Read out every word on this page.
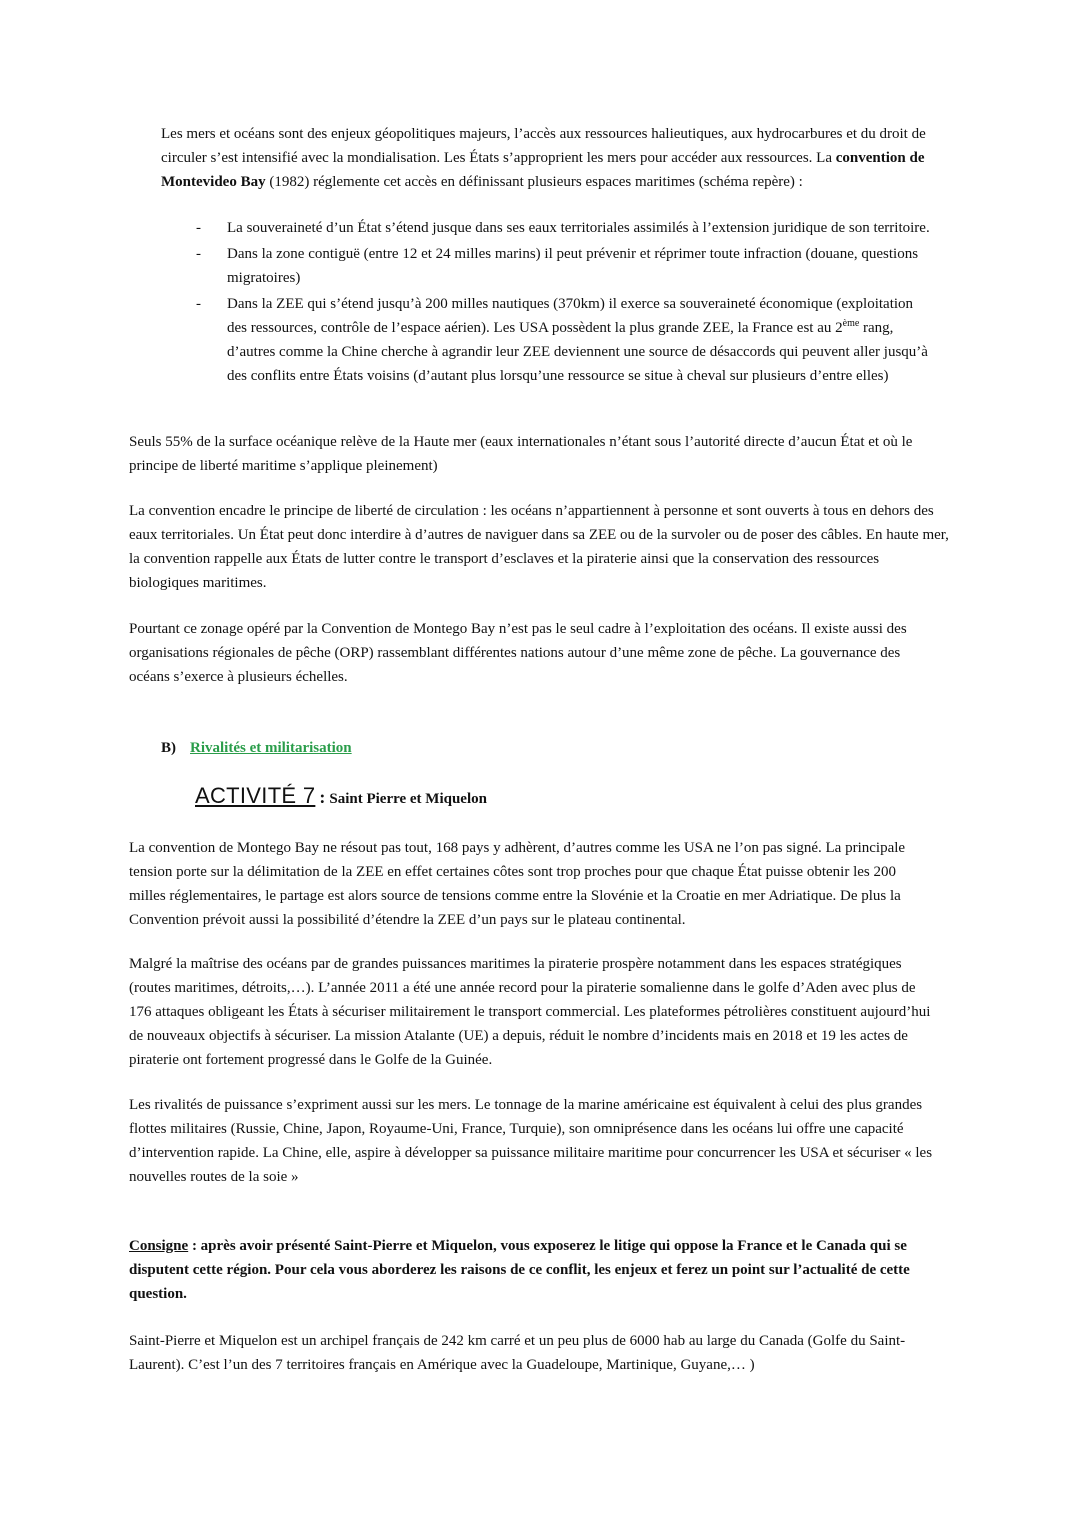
Les mers et océans sont des enjeux géopolitiques majeurs, l’accès aux ressources halieutiques, aux hydrocarbures et du droit de circuler s’est intensifié avec la mondialisation. Les États s’approprient les mers pour accéder aux ressources. La convention de Montevideo Bay (1982) réglemente cet accès en définissant plusieurs espaces maritimes (schéma repère) :

- La souveraineté d’un État s’étend jusque dans ses eaux territoriales assimilés à l’extension juridique de son territoire.
- Dans la zone contiguë (entre 12 et 24 milles marins) il peut prévenir et réprimer toute infraction (douane, questions migratoires)
- Dans la ZEE qui s’étend jusqu’à 200 milles nautiques (370km) il exerce sa souveraineté économique (exploitation des ressources, contrôle de l’espace aérien). Les USA possèdent la plus grande ZEE, la France est au 2ème rang, d’autres comme la Chine cherche à agrandir leur ZEE deviennent une source de désaccords qui peuvent aller jusqu’à des conflits entre États voisins (d’autant plus lorsqu’une ressource se situe à cheval sur plusieurs d’entre elles)

Seuls 55% de la surface océanique relève de la Haute mer (eaux internationales n’étant sous l’autorité directe d’aucun État et où le principe de liberté maritime s’applique pleinement)

La convention encadre le principe de liberté de circulation : les océans n’appartiennent à personne et sont ouverts à tous en dehors des eaux territoriales. Un État peut donc interdire à d’autres de naviguer dans sa ZEE ou de la survoler ou de poser des câbles. En haute mer, la convention rappelle aux États de lutter contre le transport d’esclaves et la piraterie ainsi que la conservation des ressources biologiques maritimes.

Pourtant ce zonage opéré par la Convention de Montego Bay n’est pas le seul cadre à l’exploitation des océans. Il existe aussi des organisations régionales de pêche (ORP) rassemblant différentes nations autour d’une même zone de pêche. La gouvernance des océans s’exerce à plusieurs échelles.

B) Rivalités et militarisation
ACTIVITÉ 7 : Saint Pierre et Miquelon

La convention de Montego Bay ne résout pas tout, 168 pays y adhèrent, d’autres comme les USA ne l’on pas signé. La principale tension porte sur la délimitation de la ZEE en effet certaines côtes sont trop proches pour que chaque État puisse obtenir les 200 milles réglementaires, le partage est alors source de tensions comme entre la Slovénie et la Croatie en mer Adriatique. De plus la Convention prévoit aussi la possibilité d’étendre la ZEE d’un pays sur le plateau continental.

Malgré la maîtrise des océans par de grandes puissances maritimes la piraterie prospère notamment dans les espaces stratégiques (routes maritimes, détroits,…). L’année 2011 a été une année record pour la piraterie somalienne dans le golfe d’Aden avec plus de 176 attaques obligeant les États à sécuriser militairement le transport commercial. Les plateformes pétrolières constituent aujourd’hui de nouveaux objectifs à sécuriser. La mission Atalante (UE) a depuis, réduit le nombre d’incidents mais en 2018 et 19 les actes de piraterie ont fortement progressé dans le Golfe de la Guinée.

Les rivalités de puissance s’expriment aussi sur les mers. Le tonnage de la marine américaine est équivalent à celui des plus grandes flottes militaires (Russie, Chine, Japon, Royaume-Uni, France, Turquie), son omniprésence dans les océans lui offre une capacité d’intervention rapide. La Chine, elle, aspire à développer sa puissance militaire maritime pour concurrencer les USA et sécuriser « les nouvelles routes de la soie »

Consigne : après avoir présenté Saint-Pierre et Miquelon, vous exposerez le litige qui oppose la France et le Canada qui se disputent cette région. Pour cela vous aborderez les raisons de ce conflit, les enjeux et ferez un point sur l’actualité de cette question.

Saint-Pierre et Miquelon est un archipel français de 242 km carré et un peu plus de 6000 hab au large du Canada (Golfe du Saint-Laurent). C’est l’un des 7 territoires français en Amérique avec la Guadeloupe, Martinique, Guyane,… )
